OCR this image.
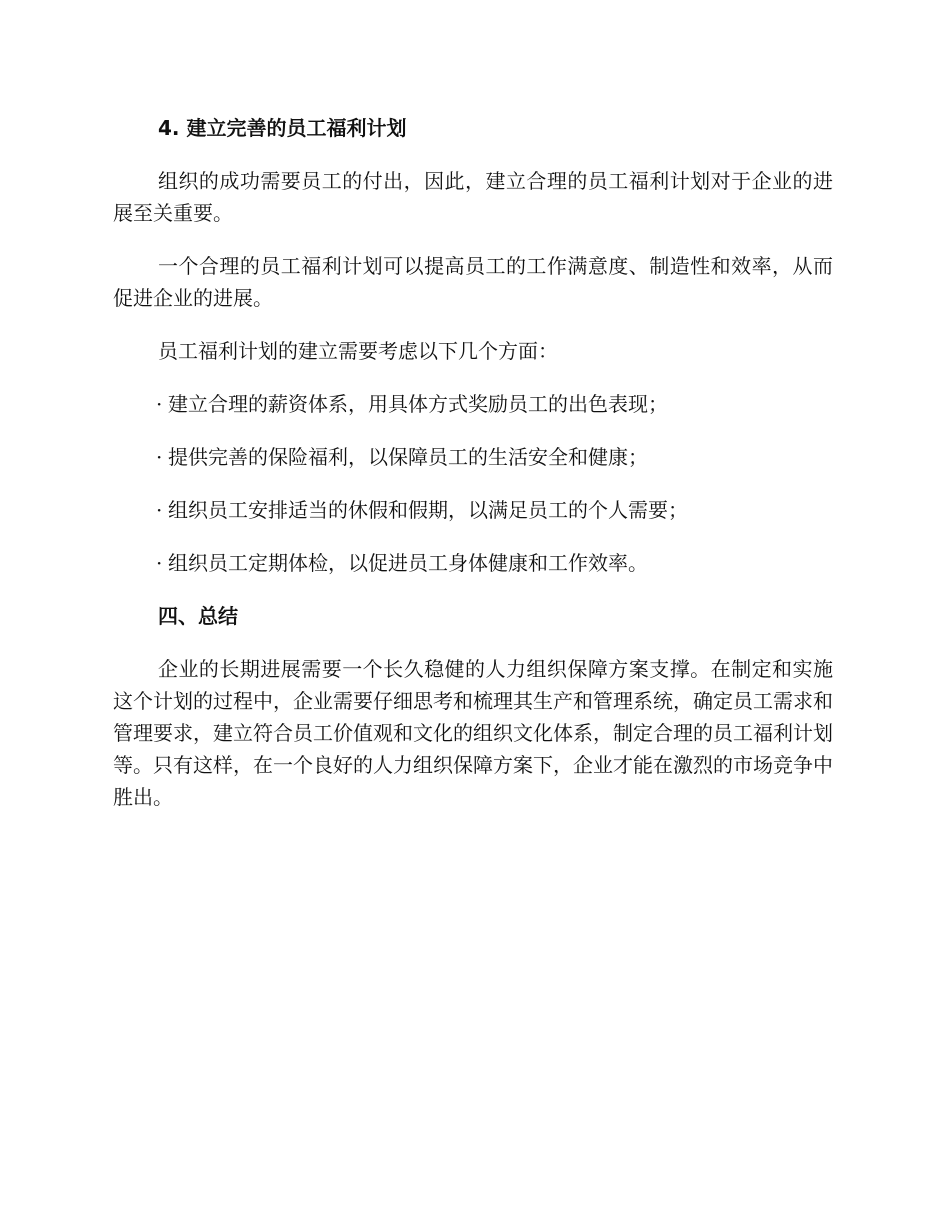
4. 建立完善的员工福利计划

组织的成功需要员工的付出，因此，建立合理的员工福利计划对于企业的进展至关重要。

一个合理的员工福利计划可以提高员工的工作满意度、制造性和效率，从而促进企业的进展。

员工福利计划的建立需要考虑以下几个方面：

· 建立合理的薪资体系，用具体方式奖励员工的出色表现；

· 提供完善的保险福利，以保障员工的生活安全和健康；

· 组织员工安排适当的休假和假期，以满足员工的个人需要；

· 组织员工定期体检，以促进员工身体健康和工作效率。

四、总结

企业的长期进展需要一个长久稳健的人力组织保障方案支撑。在制定和实施这个计划的过程中，企业需要仔细思考和梳理其生产和管理系统，确定员工需求和管理要求，建立符合员工价值观和文化的组织文化体系，制定合理的员工福利计划等。只有这样，在一个良好的人力组织保障方案下，企业才能在激烈的市场竞争中胜出。
